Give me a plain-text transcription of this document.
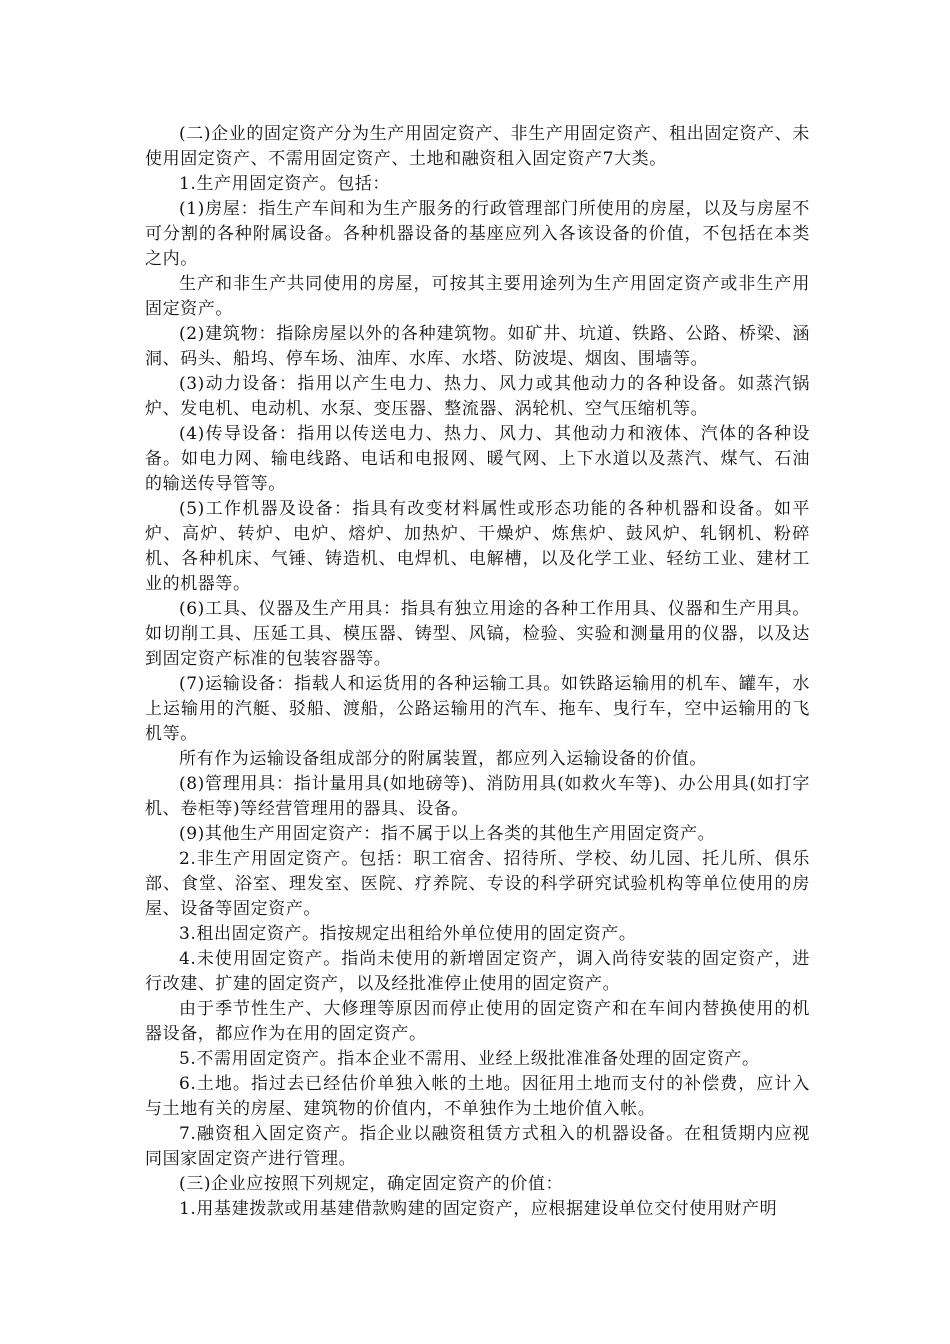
(二)企业的固定资产分为生产用固定资产、非生产用固定资产、租出固定资产、未使用固定资产、不需用固定资产、土地和融资租入固定资产7大类。

1.生产用固定资产。包括：

(1)房屋：指生产车间和为生产服务的行政管理部门所使用的房屋，以及与房屋不可分割的各种附属设备。各种机器设备的基座应列入各该设备的价值，不包括在本类之内。

生产和非生产共同使用的房屋，可按其主要用途列为生产用固定资产或非生产用固定资产。

(2)建筑物：指除房屋以外的各种建筑物。如矿井、坑道、铁路、公路、桥梁、涵洞、码头、船坞、停车场、油库、水库、水塔、防波堤、烟囱、围墙等。

(3)动力设备：指用以产生电力、热力、风力或其他动力的各种设备。如蒸汽锅炉、发电机、电动机、水泵、变压器、整流器、涡轮机、空气压缩机等。

(4)传导设备：指用以传送电力、热力、风力、其他动力和液体、汽体的各种设备。如电力网、输电线路、电话和电报网、暖气网、上下水道以及蒸汽、煤气、石油的输送传导管等。

(5)工作机器及设备：指具有改变材料属性或形态功能的各种机器和设备。如平炉、高炉、转炉、电炉、熔炉、加热炉、干燥炉、炼焦炉、鼓风炉、轧钢机、粉碎机、各种机床、气锤、铸造机、电焊机、电解槽，以及化学工业、轻纺工业、建材工业的机器等。

(6)工具、仪器及生产用具：指具有独立用途的各种工作用具、仪器和生产用具。如切削工具、压延工具、模压器、铸型、风镐，检验、实验和测量用的仪器，以及达到固定资产标准的包装容器等。

(7)运输设备：指载人和运货用的各种运输工具。如铁路运输用的机车、罐车，水上运输用的汽艇、驳船、渡船，公路运输用的汽车、拖车、曳行车，空中运输用的飞机等。

所有作为运输设备组成部分的附属装置，都应列入运输设备的价值。

(8)管理用具：指计量用具(如地磅等)、消防用具(如救火车等)、办公用具(如打字机、卷柜等)等经营管理用的器具、设备。

(9)其他生产用固定资产：指不属于以上各类的其他生产用固定资产。

2.非生产用固定资产。包括：职工宿舍、招待所、学校、幼儿园、托儿所、俱乐部、食堂、浴室、理发室、医院、疗养院、专设的科学研究试验机构等单位使用的房屋、设备等固定资产。

3.租出固定资产。指按规定出租给外单位使用的固定资产。

4.未使用固定资产。指尚未使用的新增固定资产，调入尚待安装的固定资产，进行改建、扩建的固定资产，以及经批准停止使用的固定资产。

由于季节性生产、大修理等原因而停止使用的固定资产和在车间内替换使用的机器设备，都应作为在用的固定资产。

5.不需用固定资产。指本企业不需用、业经上级批准准备处理的固定资产。

6.土地。指过去已经估价单独入帐的土地。因征用土地而支付的补偿费，应计入与土地有关的房屋、建筑物的价值内，不单独作为土地价值入帐。

7.融资租入固定资产。指企业以融资租赁方式租入的机器设备。在租赁期内应视同国家固定资产进行管理。

(三)企业应按照下列规定，确定固定资产的价值：

1.用基建拨款或用基建借款购建的固定资产，应根据建设单位交付使用财产明
